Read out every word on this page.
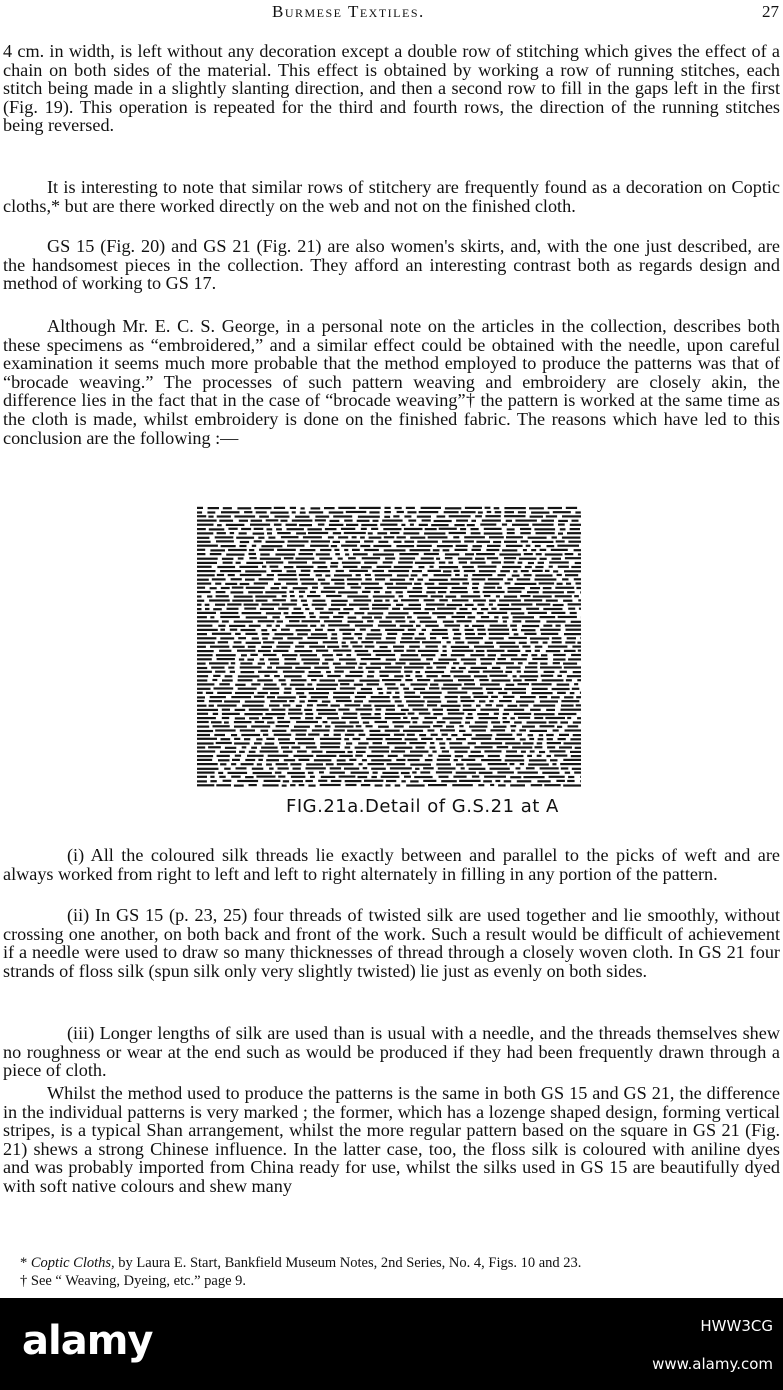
Burmese Textiles.	27

4 cm. in width, is left without any decoration except a double row of stitching which gives the effect of a chain on both sides of the material. This effect is obtained by working a row of running stitches, each stitch being made in a slightly slanting direction, and then a second row to fill in the gaps left in the first (Fig. 19). This operation is repeated for the third and fourth rows, the direction of the running stitches being reversed.

It is interesting to note that similar rows of stitchery are frequently found as a decoration on Coptic cloths,* but are there worked directly on the web and not on the finished cloth.

GS 15 (Fig. 20) and GS 21 (Fig. 21) are also women's skirts, and, with the one just described, are the handsomest pieces in the collection. They afford an interesting contrast both as regards design and method of working to GS 17.

Although Mr. E. C. S. George, in a personal note on the articles in the collection, describes both these specimens as “embroidered,” and a similar effect could be obtained with the needle, upon careful examination it seems much more probable that the method employed to produce the patterns was that of “brocade weaving.” The processes of such pattern weaving and embroidery are closely akin, the difference lies in the fact that in the case of “brocade weaving”† the pattern is worked at the same time as the cloth is made, whilst embroidery is done on the finished fabric. The reasons which have led to this conclusion are the following :—

FIG.21a.Detail of G.S.21 at A

(i) All the coloured silk threads lie exactly between and parallel to the picks of weft and are always worked from right to left and left to right alternately in filling in any portion of the pattern.

(ii) In GS 15 (p. 23, 25) four threads of twisted silk are used together and lie smoothly, without crossing one another, on both back and front of the work. Such a result would be difficult of achievement if a needle were used to draw so many thicknesses of thread through a closely woven cloth. In GS 21 four strands of floss silk (spun silk only very slightly twisted) lie just as evenly on both sides.

(iii) Longer lengths of silk are used than is usual with a needle, and the threads themselves shew no roughness or wear at the end such as would be produced if they had been frequently drawn through a piece of cloth.

Whilst the method used to produce the patterns is the same in both GS 15 and GS 21, the difference in the individual patterns is very marked ; the former, which has a lozenge shaped design, forming vertical stripes, is a typical Shan arrangement, whilst the more regular pattern based on the square in GS 21 (Fig. 21) shews a strong Chinese influence. In the latter case, too, the floss silk is coloured with aniline dyes and was probably imported from China ready for use, whilst the silks used in GS 15 are beautifully dyed with soft native colours and shew many

* Coptic Cloths, by Laura E. Start, Bankfield Museum Notes, 2nd Series, No. 4, Figs. 10 and 23.

† See “ Weaving, Dyeing, etc.” page 9.

alamy	HWW3CG
www.alamy.com
